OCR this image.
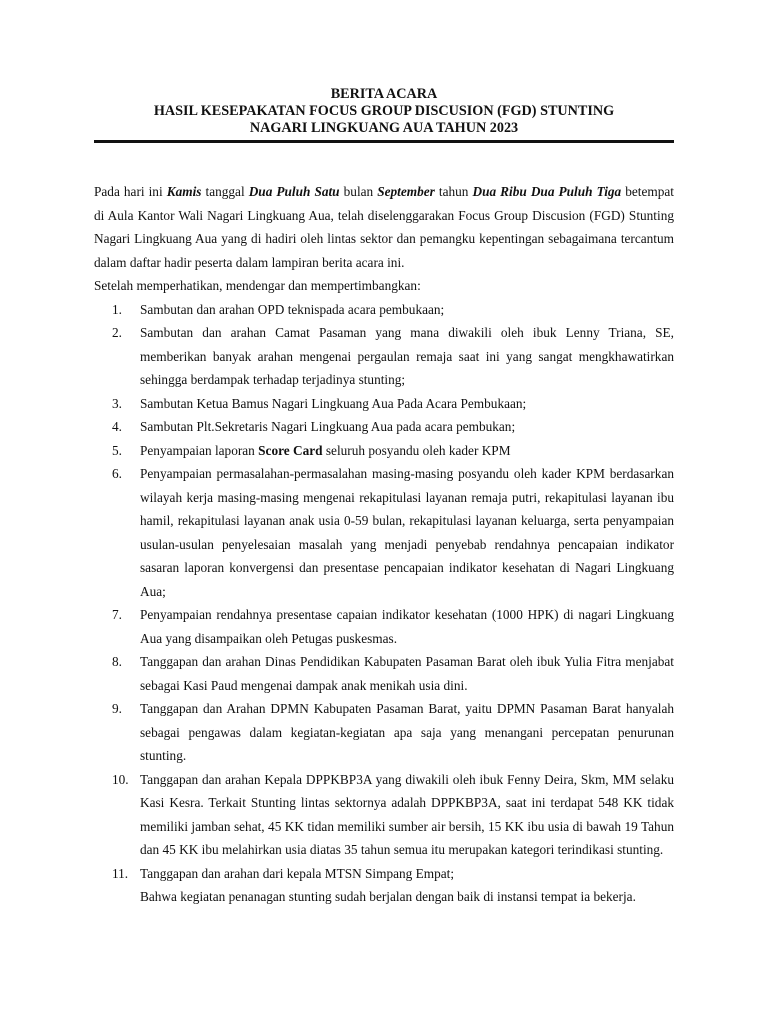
BERITA ACARA
HASIL KESEPAKATAN FOCUS GROUP DISCUSION (FGD) STUNTING
NAGARI LINGKUANG AUA TAHUN 2023

Pada hari ini Kamis tanggal Dua Puluh Satu bulan September tahun Dua Ribu Dua Puluh Tiga betempat di Aula Kantor Wali Nagari Lingkuang Aua, telah diselenggarakan Focus Group Discusion (FGD) Stunting Nagari Lingkuang Aua yang di hadiri oleh lintas sektor dan pemangku kepentingan sebagaimana tercantum dalam daftar hadir peserta dalam lampiran berita acara ini.

Setelah memperhatikan, mendengar dan mempertimbangkan:

1.	Sambutan dan arahan OPD teknispada acara pembukaan;
2.	Sambutan dan arahan Camat Pasaman yang mana diwakili oleh ibuk Lenny Triana, SE, memberikan banyak arahan mengenai pergaulan remaja saat ini yang sangat mengkhawatirkan sehingga berdampak terhadap terjadinya stunting;
3.	Sambutan Ketua Bamus Nagari Lingkuang Aua Pada Acara Pembukaan;
4.	Sambutan Plt.Sekretaris Nagari Lingkuang Aua pada acara pembukan;
5.	Penyampaian laporan Score Card seluruh posyandu oleh kader KPM
6.	Penyampaian permasalahan-permasalahan masing-masing posyandu oleh kader KPM berdasarkan wilayah kerja masing-masing mengenai rekapitulasi layanan remaja putri, rekapitulasi layanan ibu hamil, rekapitulasi layanan anak usia 0-59 bulan, rekapitulasi layanan keluarga, serta penyampaian usulan-usulan penyelesaian masalah yang menjadi penyebab rendahnya pencapaian indikator sasaran laporan konvergensi dan presentase pencapaian indikator kesehatan di Nagari Lingkuang Aua;
7.	Penyampaian rendahnya presentase capaian indikator kesehatan (1000 HPK) di nagari Lingkuang Aua yang disampaikan oleh Petugas puskesmas.
8.	Tanggapan dan arahan Dinas Pendidikan Kabupaten Pasaman Barat oleh ibuk Yulia Fitra menjabat sebagai Kasi Paud mengenai dampak anak menikah usia dini.
9.	Tanggapan dan Arahan DPMN Kabupaten Pasaman Barat, yaitu DPMN Pasaman Barat hanyalah sebagai pengawas dalam kegiatan-kegiatan apa saja yang menangani percepatan penurunan stunting.
10. Tanggapan dan arahan Kepala DPPKBP3A yang diwakili oleh ibuk Fenny Deira, Skm, MM selaku Kasi Kesra. Terkait Stunting lintas sektornya adalah DPPKBP3A, saat ini terdapat 548 KK tidak memiliki jamban sehat, 45 KK tidan memiliki sumber air bersih, 15 KK ibu usia di bawah 19 Tahun dan 45 KK ibu melahirkan usia diatas 35 tahun semua itu merupakan kategori terindikasi stunting.
11. Tanggapan dan arahan dari kepala MTSN Simpang Empat;
Bahwa kegiatan penanagan stunting sudah berjalan dengan baik di instansi tempat ia bekerja.
